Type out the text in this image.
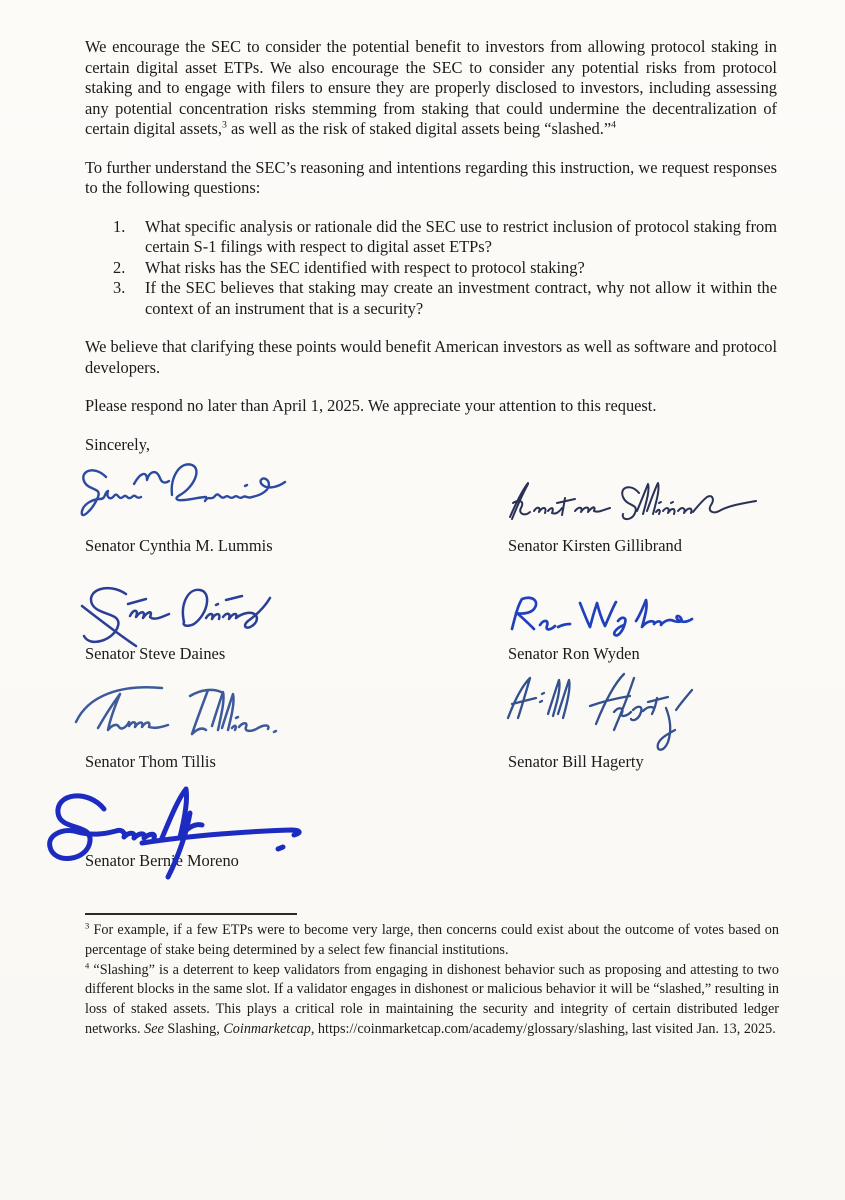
We encourage the SEC to consider the potential benefit to investors from allowing protocol staking in certain digital asset ETPs. We also encourage the SEC to consider any potential risks from protocol staking and to engage with filers to ensure they are properly disclosed to investors, including assessing any potential concentration risks stemming from staking that could undermine the decentralization of certain digital assets,$^3$ as well as the risk of staked digital assets being “slashed.”$^4$

To further understand the SEC’s reasoning and intentions regarding this instruction, we request responses to the following questions:

1.	What specific analysis or rationale did the SEC use to restrict inclusion of protocol staking from certain S-1 filings with respect to digital asset ETPs?
2.	What risks has the SEC identified with respect to protocol staking?
3.	If the SEC believes that staking may create an investment contract, why not allow it within the context of an instrument that is a security?

We believe that clarifying these points would benefit American investors as well as software and protocol developers.

Please respond no later than April 1, 2025. We appreciate your attention to this request.

Sincerely,

Senator Cynthia M. Lummis	Senator Kirsten Gillibrand
Senator Steve Daines	Senator Ron Wyden
Senator Thom Tillis	Senator Bill Hagerty
Senator Bernie Moreno

$^3$ For example, if a few ETPs were to become very large, then concerns could exist about the outcome of votes based on percentage of stake being determined by a select few financial institutions.

$^4$ “Slashing” is a deterrent to keep validators from engaging in dishonest behavior such as proposing and attesting to two different blocks in the same slot. If a validator engages in dishonest or malicious behavior it will be “slashed,” resulting in loss of staked assets. This plays a critical role in maintaining the security and integrity of certain distributed ledger networks. See Slashing, Coinmarketcap, https://coinmarketcap.com/academy/glossary/slashing, last visited Jan. 13, 2025.
